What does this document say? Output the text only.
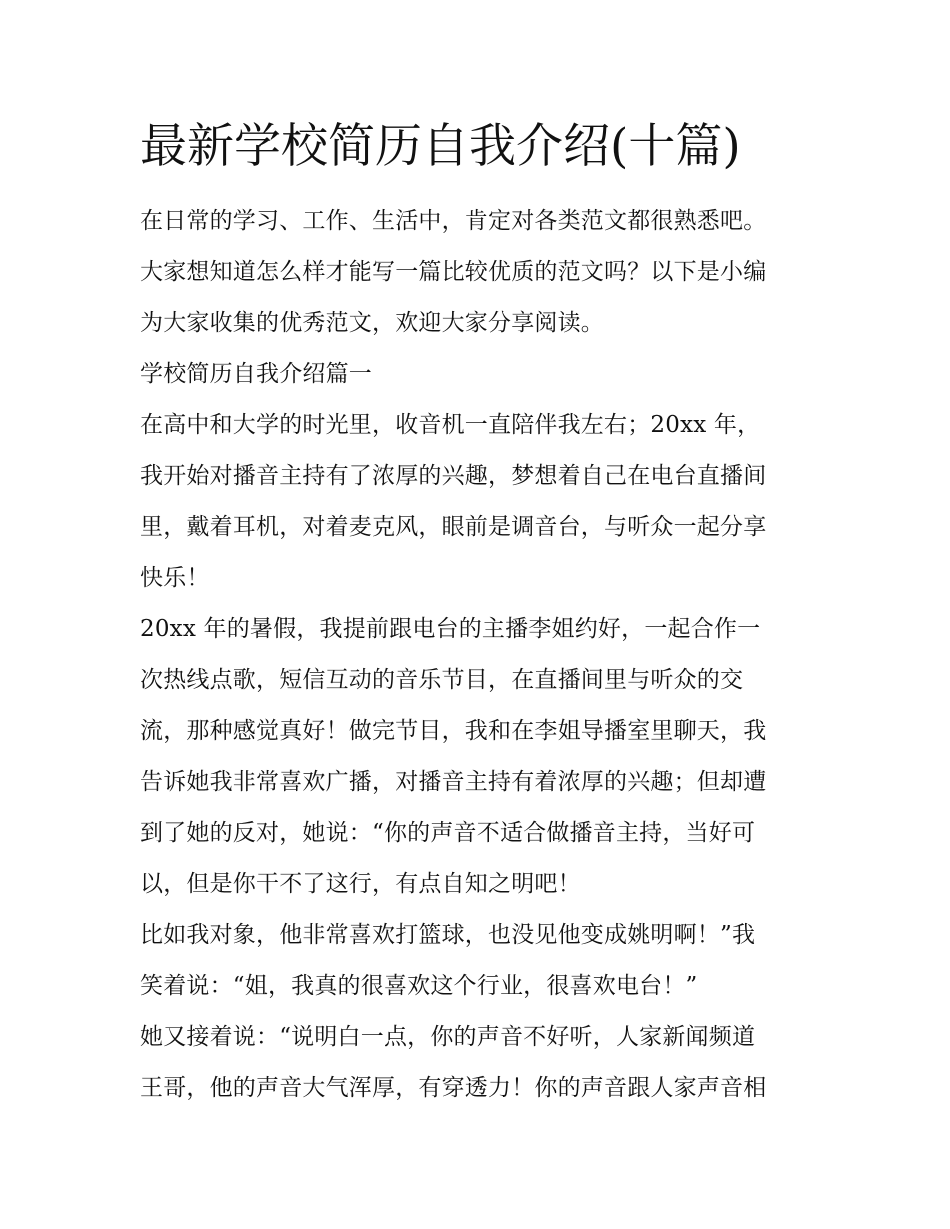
最新学校简历自我介绍(十篇)
在日常的学习、工作、生活中，肯定对各类范文都很熟悉吧。
大家想知道怎么样才能写一篇比较优质的范文吗？以下是小编
为大家收集的优秀范文，欢迎大家分享阅读。
学校简历自我介绍篇一
在高中和大学的时光里，收音机一直陪伴我左右；20xx 年，
我开始对播音主持有了浓厚的兴趣，梦想着自己在电台直播间
里，戴着耳机，对着麦克风，眼前是调音台，与听众一起分享
快乐！
20xx 年的暑假，我提前跟电台的主播李姐约好，一起合作一
次热线点歌，短信互动的音乐节目，在直播间里与听众的交
流，那种感觉真好！做完节目，我和在李姐导播室里聊天，我
告诉她我非常喜欢广播，对播音主持有着浓厚的兴趣；但却遭
到了她的反对，她说：“你的声音不适合做播音主持，当好可
以，但是你干不了这行，有点自知之明吧！
比如我对象，他非常喜欢打篮球，也没见他变成姚明啊！”我
笑着说：“姐，我真的很喜欢这个行业，很喜欢电台！”
她又接着说：“说明白一点，你的声音不好听，人家新闻频道
王哥，他的声音大气浑厚，有穿透力！你的声音跟人家声音相
